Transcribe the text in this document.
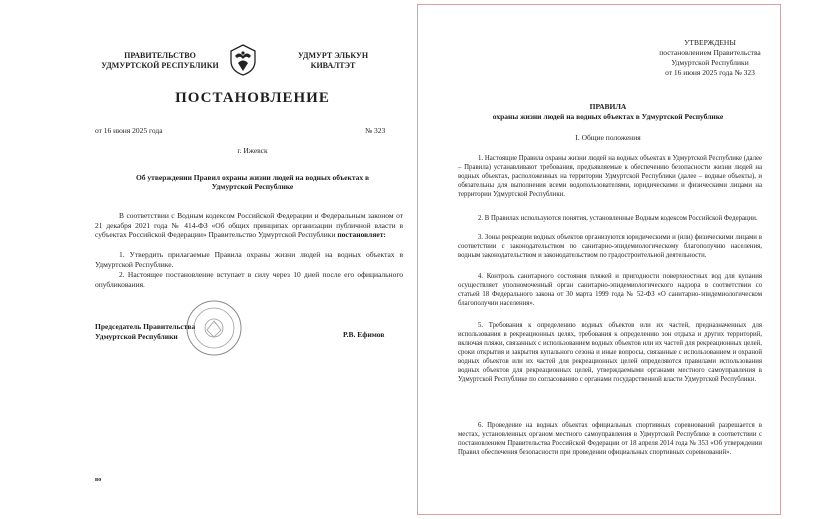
ПРАВИТЕЛЬСТВО
УДМУРТСКОЙ РЕСПУБЛИКИ
УДМУРТ ЭЛЬКУН
КИВАЛТЭТ
ПОСТАНОВЛЕНИЕ
от 16 июня 2025 года	№ 323
г. Ижевск
Об утверждении Правил охраны жизни людей на водных объектах в Удмуртской Республике
В соответствии с Водным кодексом Российской Федерации и Федеральным законом от 21 декабря 2021 года № 414-ФЗ «Об общих принципах организации публичной власти в субъектах Российской Федерации» Правительство Удмуртской Республики постановляет:
1. Утвердить прилагаемые Правила охраны жизни людей на водных объектах в Удмуртской Республике.
2. Настоящее постановление вступает в силу через 10 дней после его официального опубликования.
Председатель Правительства
Удмуртской Республики	Р.В. Ефимов
во
УТВЕРЖДЕНЫ
постановлением Правительства
Удмуртской Республики
от 16 июня 2025 года № 323
ПРАВИЛА
охраны жизни людей на водных объектах в Удмуртской Республике
I. Общие положения
1. Настоящие Правила охраны жизни людей на водных объектах в Удмуртской Республике (далее – Правила) устанавливают требования, предъявляемые к обеспечению безопасности жизни людей на водных объектах, расположенных на территории Удмуртской Республики (далее – водные объекты), и обязательны для выполнения всеми водопользователями, юридическими и физическими лицами на территории Удмуртской Республики.
2. В Правилах используются понятия, установленные Водным кодексом Российской Федерации.
3. Зоны рекреации водных объектов организуются юридическими и (или) физическими лицами в соответствии с законодательством по санитарно-эпидемиологическому благополучию населения, водным законодательством и законодательством по градостроительной деятельности.
4. Контроль санитарного состояния пляжей и пригодности поверхностных вод для купания осуществляет уполномоченный орган санитарно-эпидемиологического надзора в соответствии со статьей 18 Федерального закона от 30 марта 1999 года № 52-ФЗ «О санитарно-эпидемиологическом благополучии населения».
5. Требования к определению водных объектов или их частей, предназначенных для использования в рекреационных целях, требования к определению зон отдыха и других территорий, включая пляжи, связанных с использованием водных объектов или их частей для рекреационных целей, сроки открытия и закрытия купального сезона и иные вопросы, связанные с использованием и охраной водных объектов или их частей для рекреационных целей определяются правилами использования водных объектов для рекреационных целей, утверждаемыми органами местного самоуправления в Удмуртской Республике по согласованию с органами государственной власти Удмуртской Республики.
6. Проведение на водных объектах официальных спортивных соревнований разрешается в местах, установленных органом местного самоуправления в Удмуртской Республике в соответствии с постановлением Правительства Российской Федерации от 18 апреля 2014 года № 353 «Об утверждении Правил обеспечения безопасности при проведении официальных спортивных соревнований».
